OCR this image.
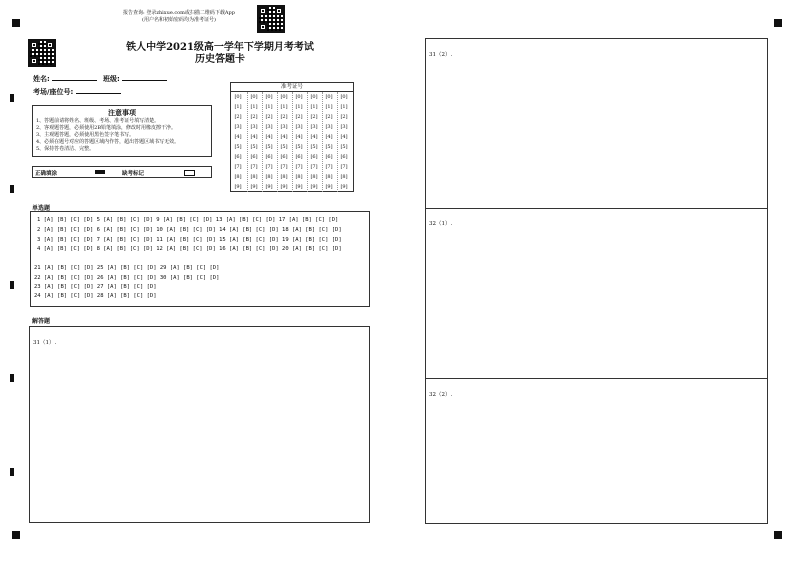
报告查询: 登录zhixue.com或扫描二维码下载App
(用户名和初始密码均为准考证号)
铁人中学2021级高一学年下学期月考考试
历史答题卡
姓名:	班级:
考场/座位号:
准考证号
[0]
[1]
[2]
[3]
[4]
[5]
[6]
[7]
[8]
[9]
[0]
[1]
[2]
[3]
[4]
[5]
[6]
[7]
[8]
[9]
[0]
[1]
[2]
[3]
[4]
[5]
[6]
[7]
[8]
[9]
[0]
[1]
[2]
[3]
[4]
[5]
[6]
[7]
[8]
[9]
[0]
[1]
[2]
[3]
[4]
[5]
[6]
[7]
[8]
[9]
[0]
[1]
[2]
[3]
[4]
[5]
[6]
[7]
[8]
[9]
[0]
[1]
[2]
[3]
[4]
[5]
[6]
[7]
[8]
[9]
[0]
[1]
[2]
[3]
[4]
[5]
[6]
[7]
[8]
[9]
注意事项
1、答题前请将姓名、班级、考场、准考证号填写清楚。
2、客观题答题，必须使用2B铅笔填涂，修改时用橡皮擦干净。
3、主观题答题，必须使用黑色签字笔书写。
4、必须在题号对应的答题区域内作答，超出答题区域书写无效。
5、保持答卷清洁、完整。
正确填涂	缺考标记
单选题
1 [A] [B] [C] [D] 5 [A] [B] [C] [D] 9 [A] [B] [C] [D] 13 [A] [B] [C] [D] 17 [A] [B] [C] [D]
2 [A] [B] [C] [D] 6 [A] [B] [C] [D] 10 [A] [B] [C] [D] 14 [A] [B] [C] [D] 18 [A] [B] [C] [D]
3 [A] [B] [C] [D] 7 [A] [B] [C] [D] 11 [A] [B] [C] [D] 15 [A] [B] [C] [D] 19 [A] [B] [C] [D]
4 [A] [B] [C] [D] 8 [A] [B] [C] [D] 12 [A] [B] [C] [D] 16 [A] [B] [C] [D] 20 [A] [B] [C] [D]
21 [A] [B] [C] [D] 25 [A] [B] [C] [D] 29 [A] [B] [C] [D]
22 [A] [B] [C] [D] 26 [A] [B] [C] [D] 30 [A] [B] [C] [D]
23 [A] [B] [C] [D] 27 [A] [B] [C] [D]
24 [A] [B] [C] [D] 28 [A] [B] [C] [D]
解答题
31（1）.
31（2）.
32（1）.
32（2）.
